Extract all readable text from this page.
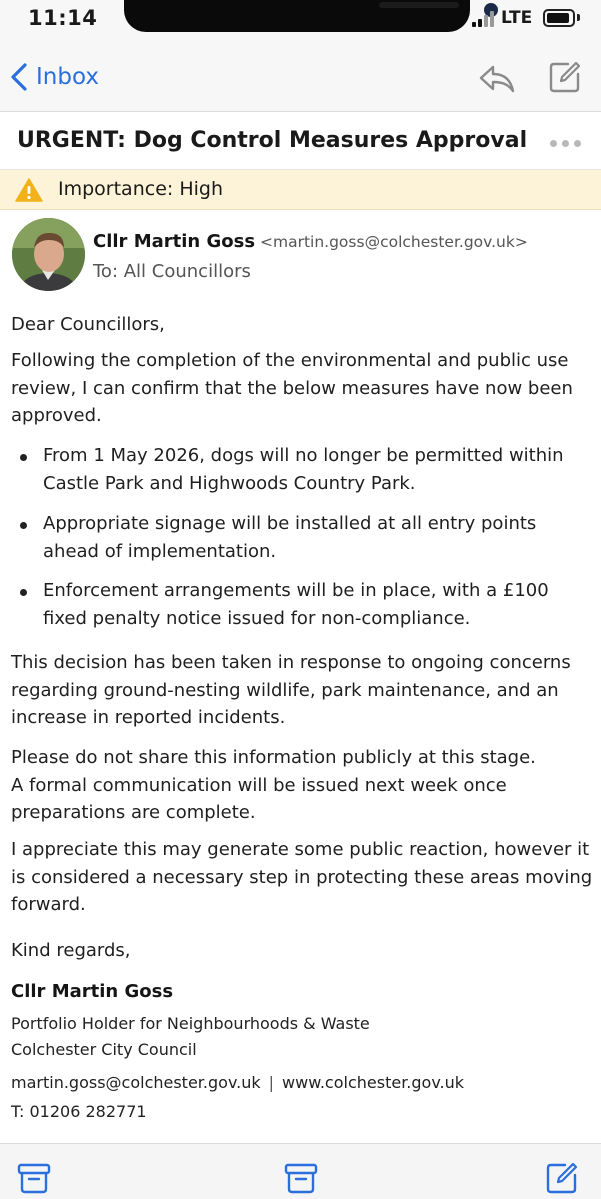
11:14	LTE
Inbox
URGENT: Dog Control Measures Approval
Importance: High
Cllr Martin Goss <martin.goss@colchester.gov.uk>
To: All Councillors
Dear Councillors,
Following the completion of the environmental and public use review, I can confirm that the below measures have now been approved.
From 1 May 2026, dogs will no longer be permitted within Castle Park and Highwoods Country Park.
Appropriate signage will be installed at all entry points ahead of implementation.
Enforcement arrangements will be in place, with a £100 fixed penalty notice issued for non-compliance.
This decision has been taken in response to ongoing concerns regarding ground-nesting wildlife, park maintenance, and an increase in reported incidents.
Please do not share this information publicly at this stage.
A formal communication will be issued next week once preparations are complete.
I appreciate this may generate some public reaction, however it is considered a necessary step in protecting these areas moving forward.
Kind regards,
Cllr Martin Goss
Portfolio Holder for Neighbourhoods & Waste
Colchester City Council
martin.goss@colchester.gov.uk | www.colchester.gov.uk
T: 01206 282771
